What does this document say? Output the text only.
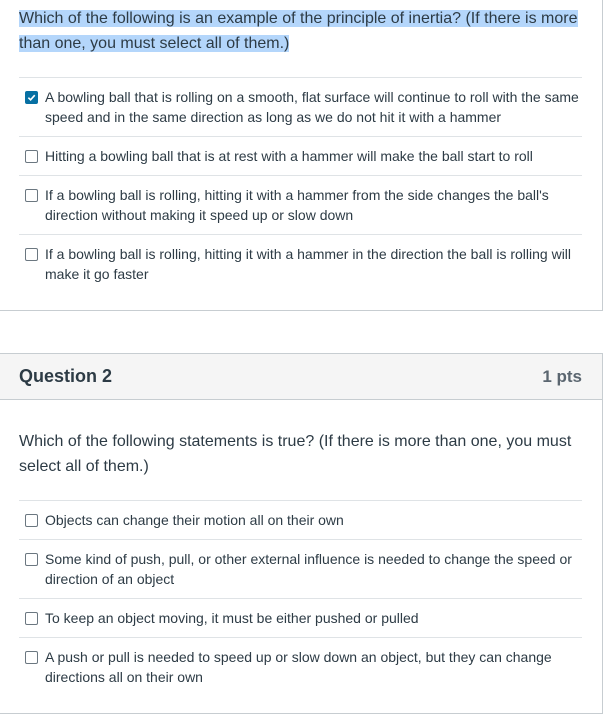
Which of the following is an example of the principle of inertia? (If there is more than one, you must select all of them.)
A bowling ball that is rolling on a smooth, flat surface will continue to roll with the same speed and in the same direction as long as we do not hit it with a hammer
Hitting a bowling ball that is at rest with a hammer will make the ball start to roll
If a bowling ball is rolling, hitting it with a hammer from the side changes the ball's direction without making it speed up or slow down
If a bowling ball is rolling, hitting it with a hammer in the direction the ball is rolling will make it go faster
Question 2	1 pts
Which of the following statements is true? (If there is more than one, you must select all of them.)
Objects can change their motion all on their own
Some kind of push, pull, or other external influence is needed to change the speed or direction of an object
To keep an object moving, it must be either pushed or pulled
A push or pull is needed to speed up or slow down an object, but they can change directions all on their own
